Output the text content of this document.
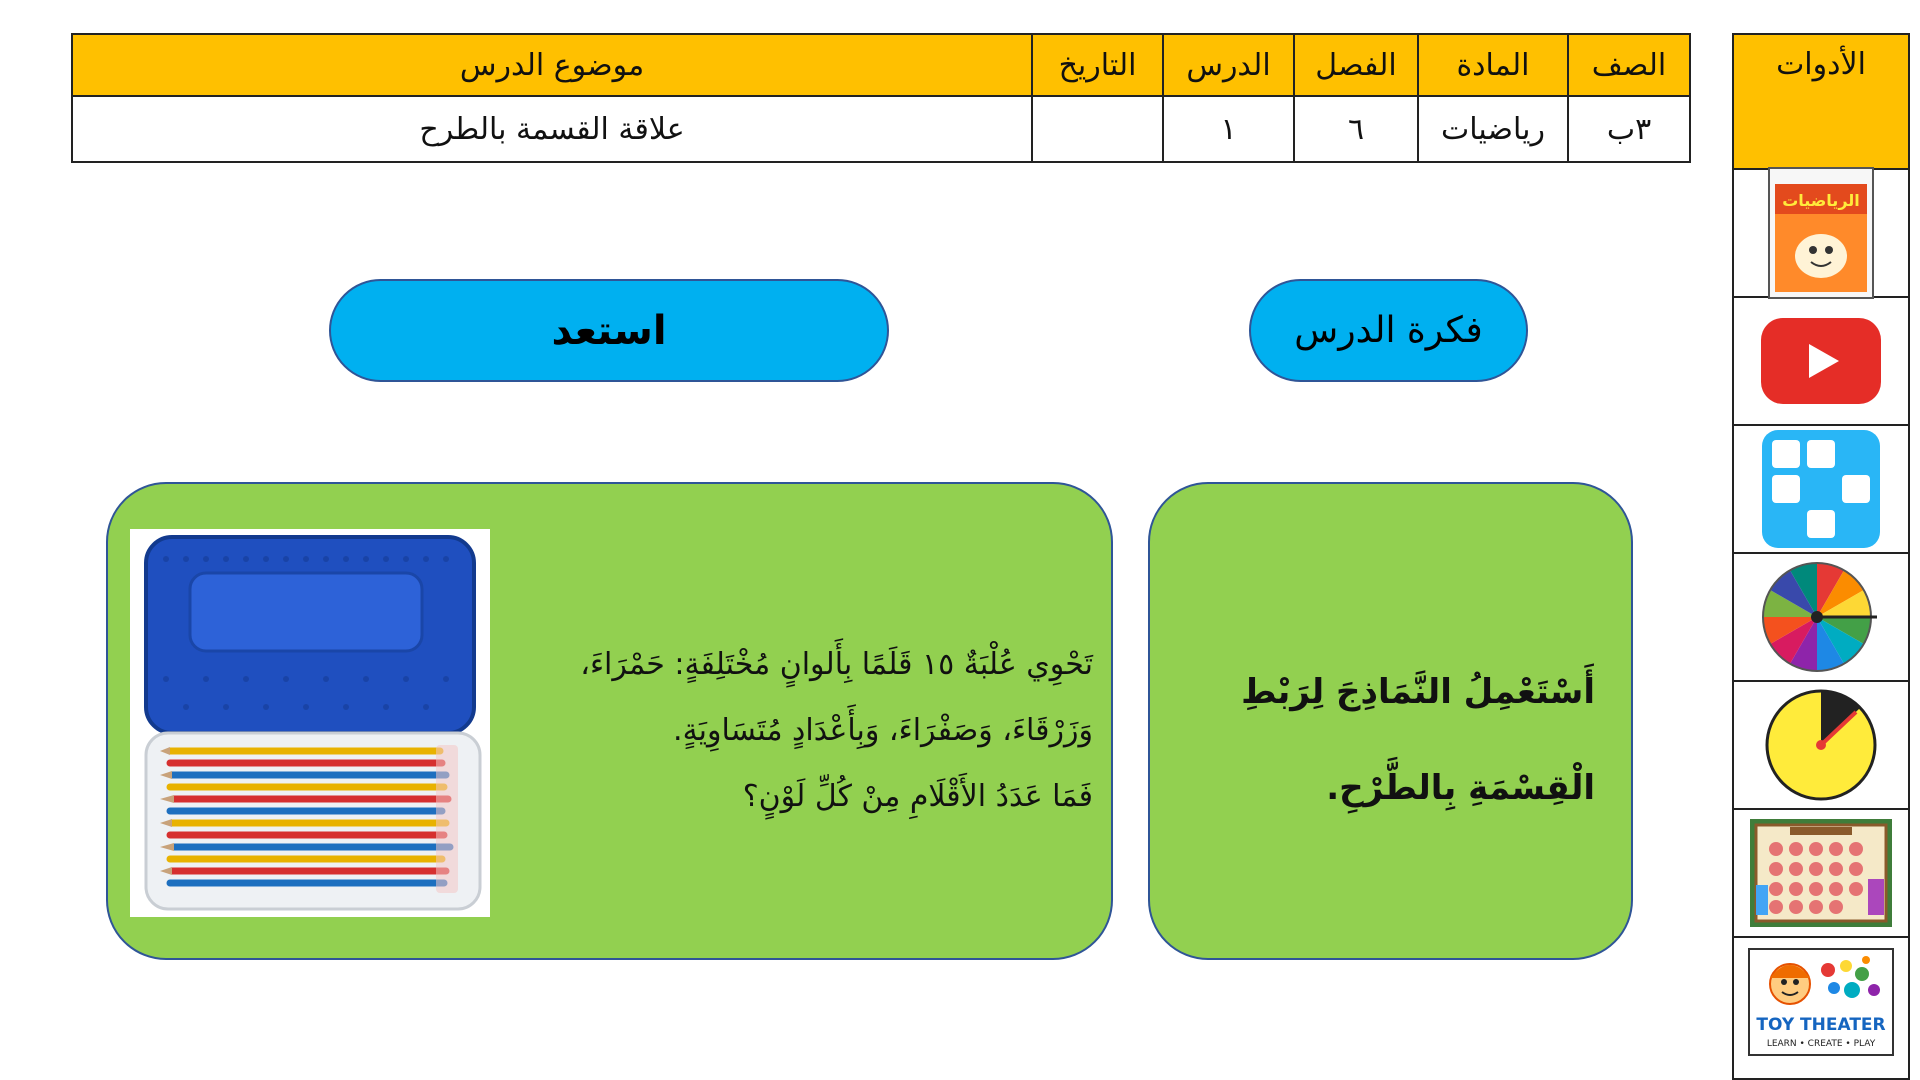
الصف	المادة	الفصل	الدرس	التاريخ	موضوع الدرس
٣ب	رياضيات	٦	١		علاقة القسمة بالطرح
فكرة الدرس
استعد
أَسْتَعْمِلُ النَّمَاذِجَ لِرَبْطِ
الْقِسْمَةِ بِالطَّرْحِ.
تَحْوِي عُلْبَةٌ ١٥ قَلَمًا بِأَلوانٍ مُخْتَلِفَةٍ: حَمْرَاءَ،
وَزَرْقَاءَ، وَصَفْرَاءَ، وَبِأَعْدَادٍ مُتَسَاوِيَةٍ.
فَمَا عَدَدُ الأَقْلَامِ مِنْ كُلِّ لَوْنٍ؟
الأدوات
الرياضيات
TOY THEATER
LEARN • CREATE • PLAY
